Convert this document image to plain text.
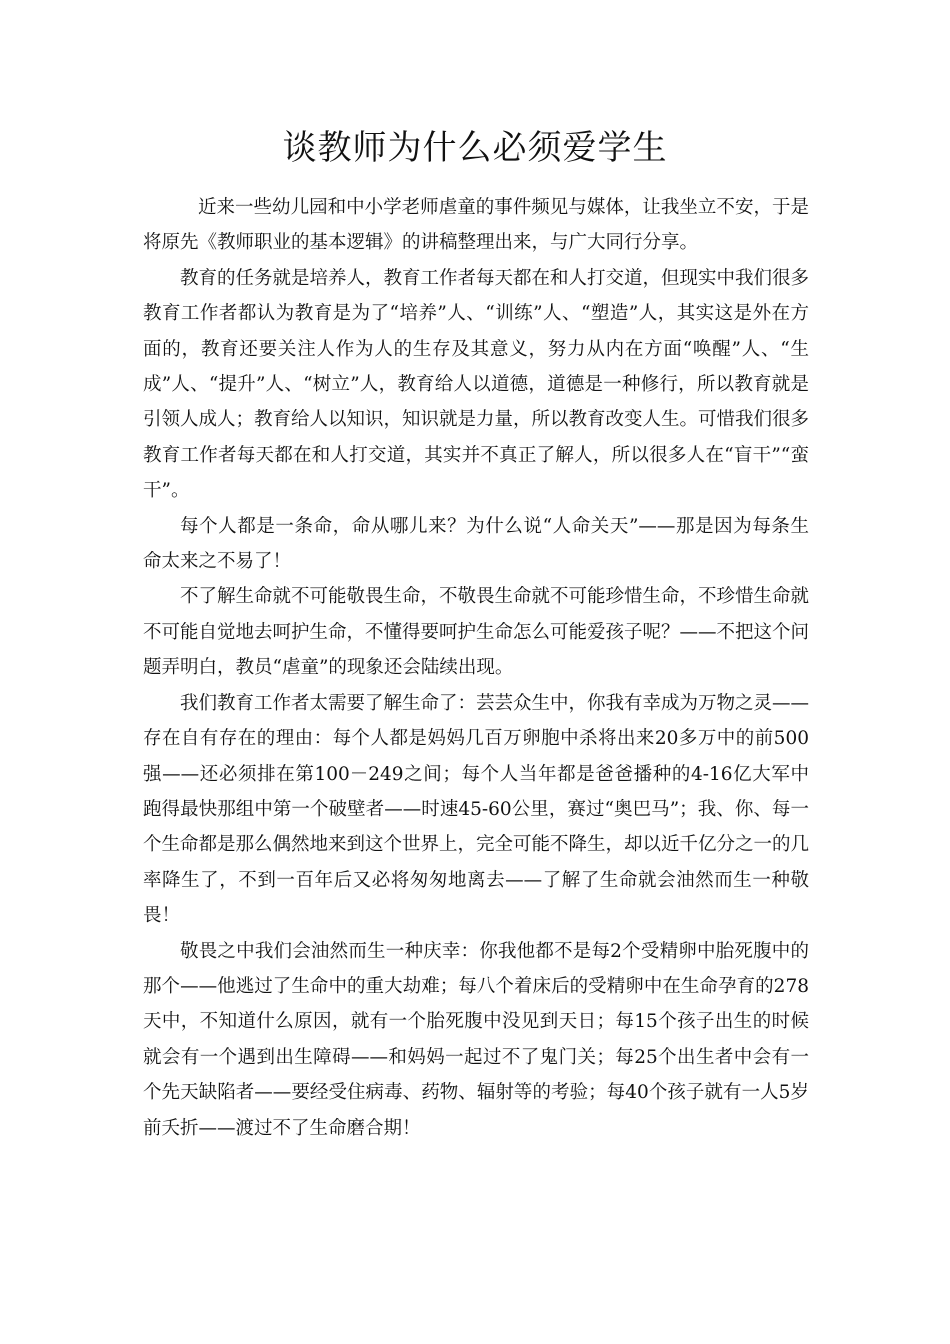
谈教师为什么必须爱学生

近来一些幼儿园和中小学老师虐童的事件频见与媒体，让我坐立不安，于是将原先《教师职业的基本逻辑》的讲稿整理出来，与广大同行分享。

教育的任务就是培养人，教育工作者每天都在和人打交道，但现实中我们很多教育工作者都认为教育是为了“培养”人、“训练”人、“塑造”人，其实这是外在方面的，教育还要关注人作为人的生存及其意义，努力从内在方面“唤醒”人、“生成”人、“提升”人、“树立”人，教育给人以道德，道德是一种修行，所以教育就是引领人成人；教育给人以知识，知识就是力量，所以教育改变人生。可惜我们很多教育工作者每天都在和人打交道，其实并不真正了解人，所以很多人在“盲干”“蛮干”。

每个人都是一条命，命从哪儿来？为什么说“人命关天”——那是因为每条生命太来之不易了！

不了解生命就不可能敬畏生命，不敬畏生命就不可能珍惜生命，不珍惜生命就不可能自觉地去呵护生命，不懂得要呵护生命怎么可能爱孩子呢？——不把这个问题弄明白，教员“虐童”的现象还会陆续出现。

我们教育工作者太需要了解生命了：芸芸众生中，你我有幸成为万物之灵——存在自有存在的理由：每个人都是妈妈几百万卵胞中杀将出来20多万中的前500强——还必须排在第100－249之间；每个人当年都是爸爸播种的4-16亿大军中跑得最快那组中第一个破壁者——时速45-60公里，赛过“奥巴马”；我、你、每一个生命都是那么偶然地来到这个世界上，完全可能不降生，却以近千亿分之一的几率降生了，不到一百年后又必将匆匆地离去——了解了生命就会油然而生一种敬畏！

敬畏之中我们会油然而生一种庆幸：你我他都不是每2个受精卵中胎死腹中的那个——他逃过了生命中的重大劫难；每八个着床后的受精卵中在生命孕育的278天中，不知道什么原因，就有一个胎死腹中没见到天日；每15个孩子出生的时候就会有一个遇到出生障碍——和妈妈一起过不了鬼门关；每25个出生者中会有一个先天缺陷者——要经受住病毒、药物、辐射等的考验；每40个孩子就有一人5岁前夭折——渡过不了生命磨合期！
